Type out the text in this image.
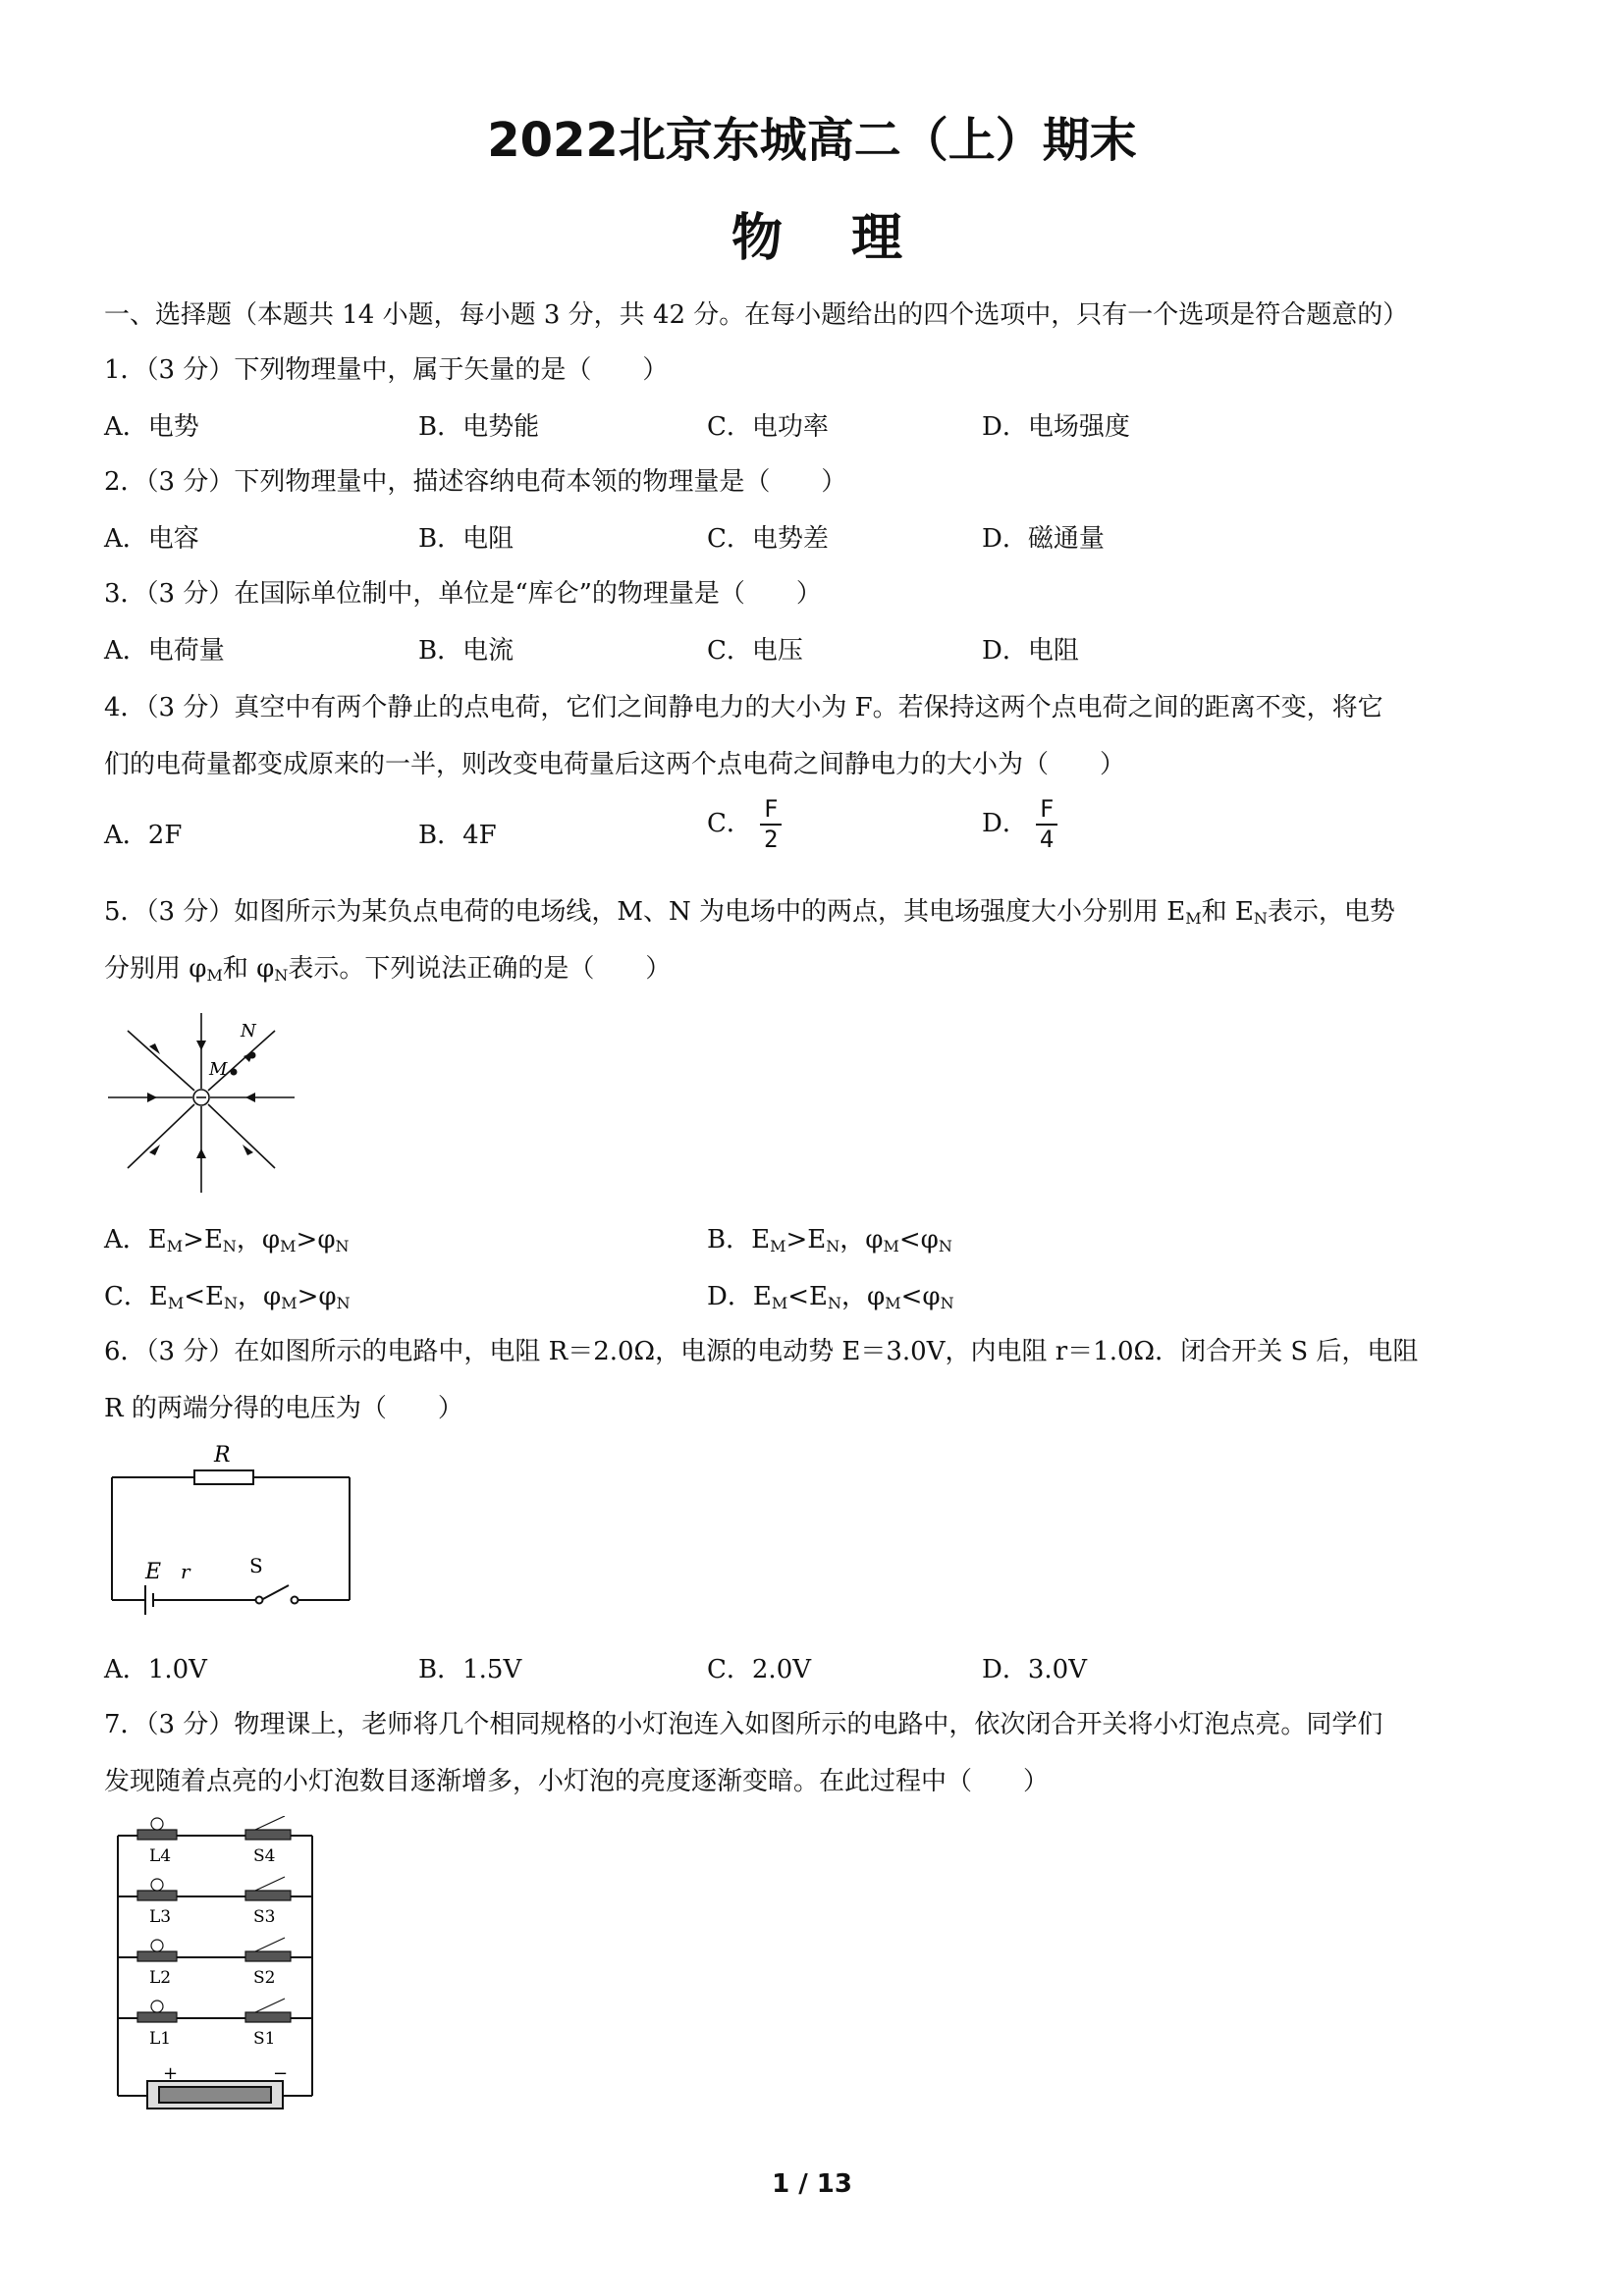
2022北京东城高二（上）期末
物理
一、选择题（本题共 14 小题，每小题 3 分，共 42 分。在每小题给出的四个选项中，只有一个选项是符合题意的）
1．（3 分）下列物理量中，属于矢量的是（　　）
A．电势	B．电势能	C．电功率	D．电场强度
2．（3 分）下列物理量中，描述容纳电荷本领的物理量是（　　）
A．电容	B．电阻	C．电势差	D．磁通量
3．（3 分）在国际单位制中，单位是“库仑”的物理量是（　　）
A．电荷量	B．电流	C．电压	D．电阻
4．（3 分）真空中有两个静止的点电荷，它们之间静电力的大小为 F。若保持这两个点电荷之间的距离不变，将它
们的电荷量都变成原来的一半，则改变电荷量后这两个点电荷之间静电力的大小为（　　）
A．2F	B．4F	C． $\frac{F}{2}$	D． $\frac{F}{4}$
5．（3 分）如图所示为某负点电荷的电场线，M、N 为电场中的两点，其电场强度大小分别用 $E_M$和 $E_N$表示，电势
分别用 $\varphi_M$和 $\varphi_N$表示。下列说法正确的是（　　）
N
M
A．$E_M>E_N$，$\varphi_M>\varphi_N$	B．$E_M>E_N$，$\varphi_M<\varphi_N$
C．$E_M<E_N$，$\varphi_M>\varphi_N$	D．$E_M<E_N$，$\varphi_M<\varphi_N$
6．（3 分）在如图所示的电路中，电阻 R＝2.0Ω，电源的电动势 E＝3.0V，内电阻 r＝1.0Ω．闭合开关 S 后，电阻
R 的两端分得的电压为（　　）
R
E r	S
A．1.0V	B．1.5V	C．2.0V	D．3.0V
7．（3 分）物理课上，老师将几个相同规格的小灯泡连入如图所示的电路中，依次闭合开关将小灯泡点亮。同学们
发现随着点亮的小灯泡数目逐渐增多，小灯泡的亮度逐渐变暗。在此过程中（　　）
+	−
L4
L3
L2
L1
S4
S3
S2
S1
1 / 13
